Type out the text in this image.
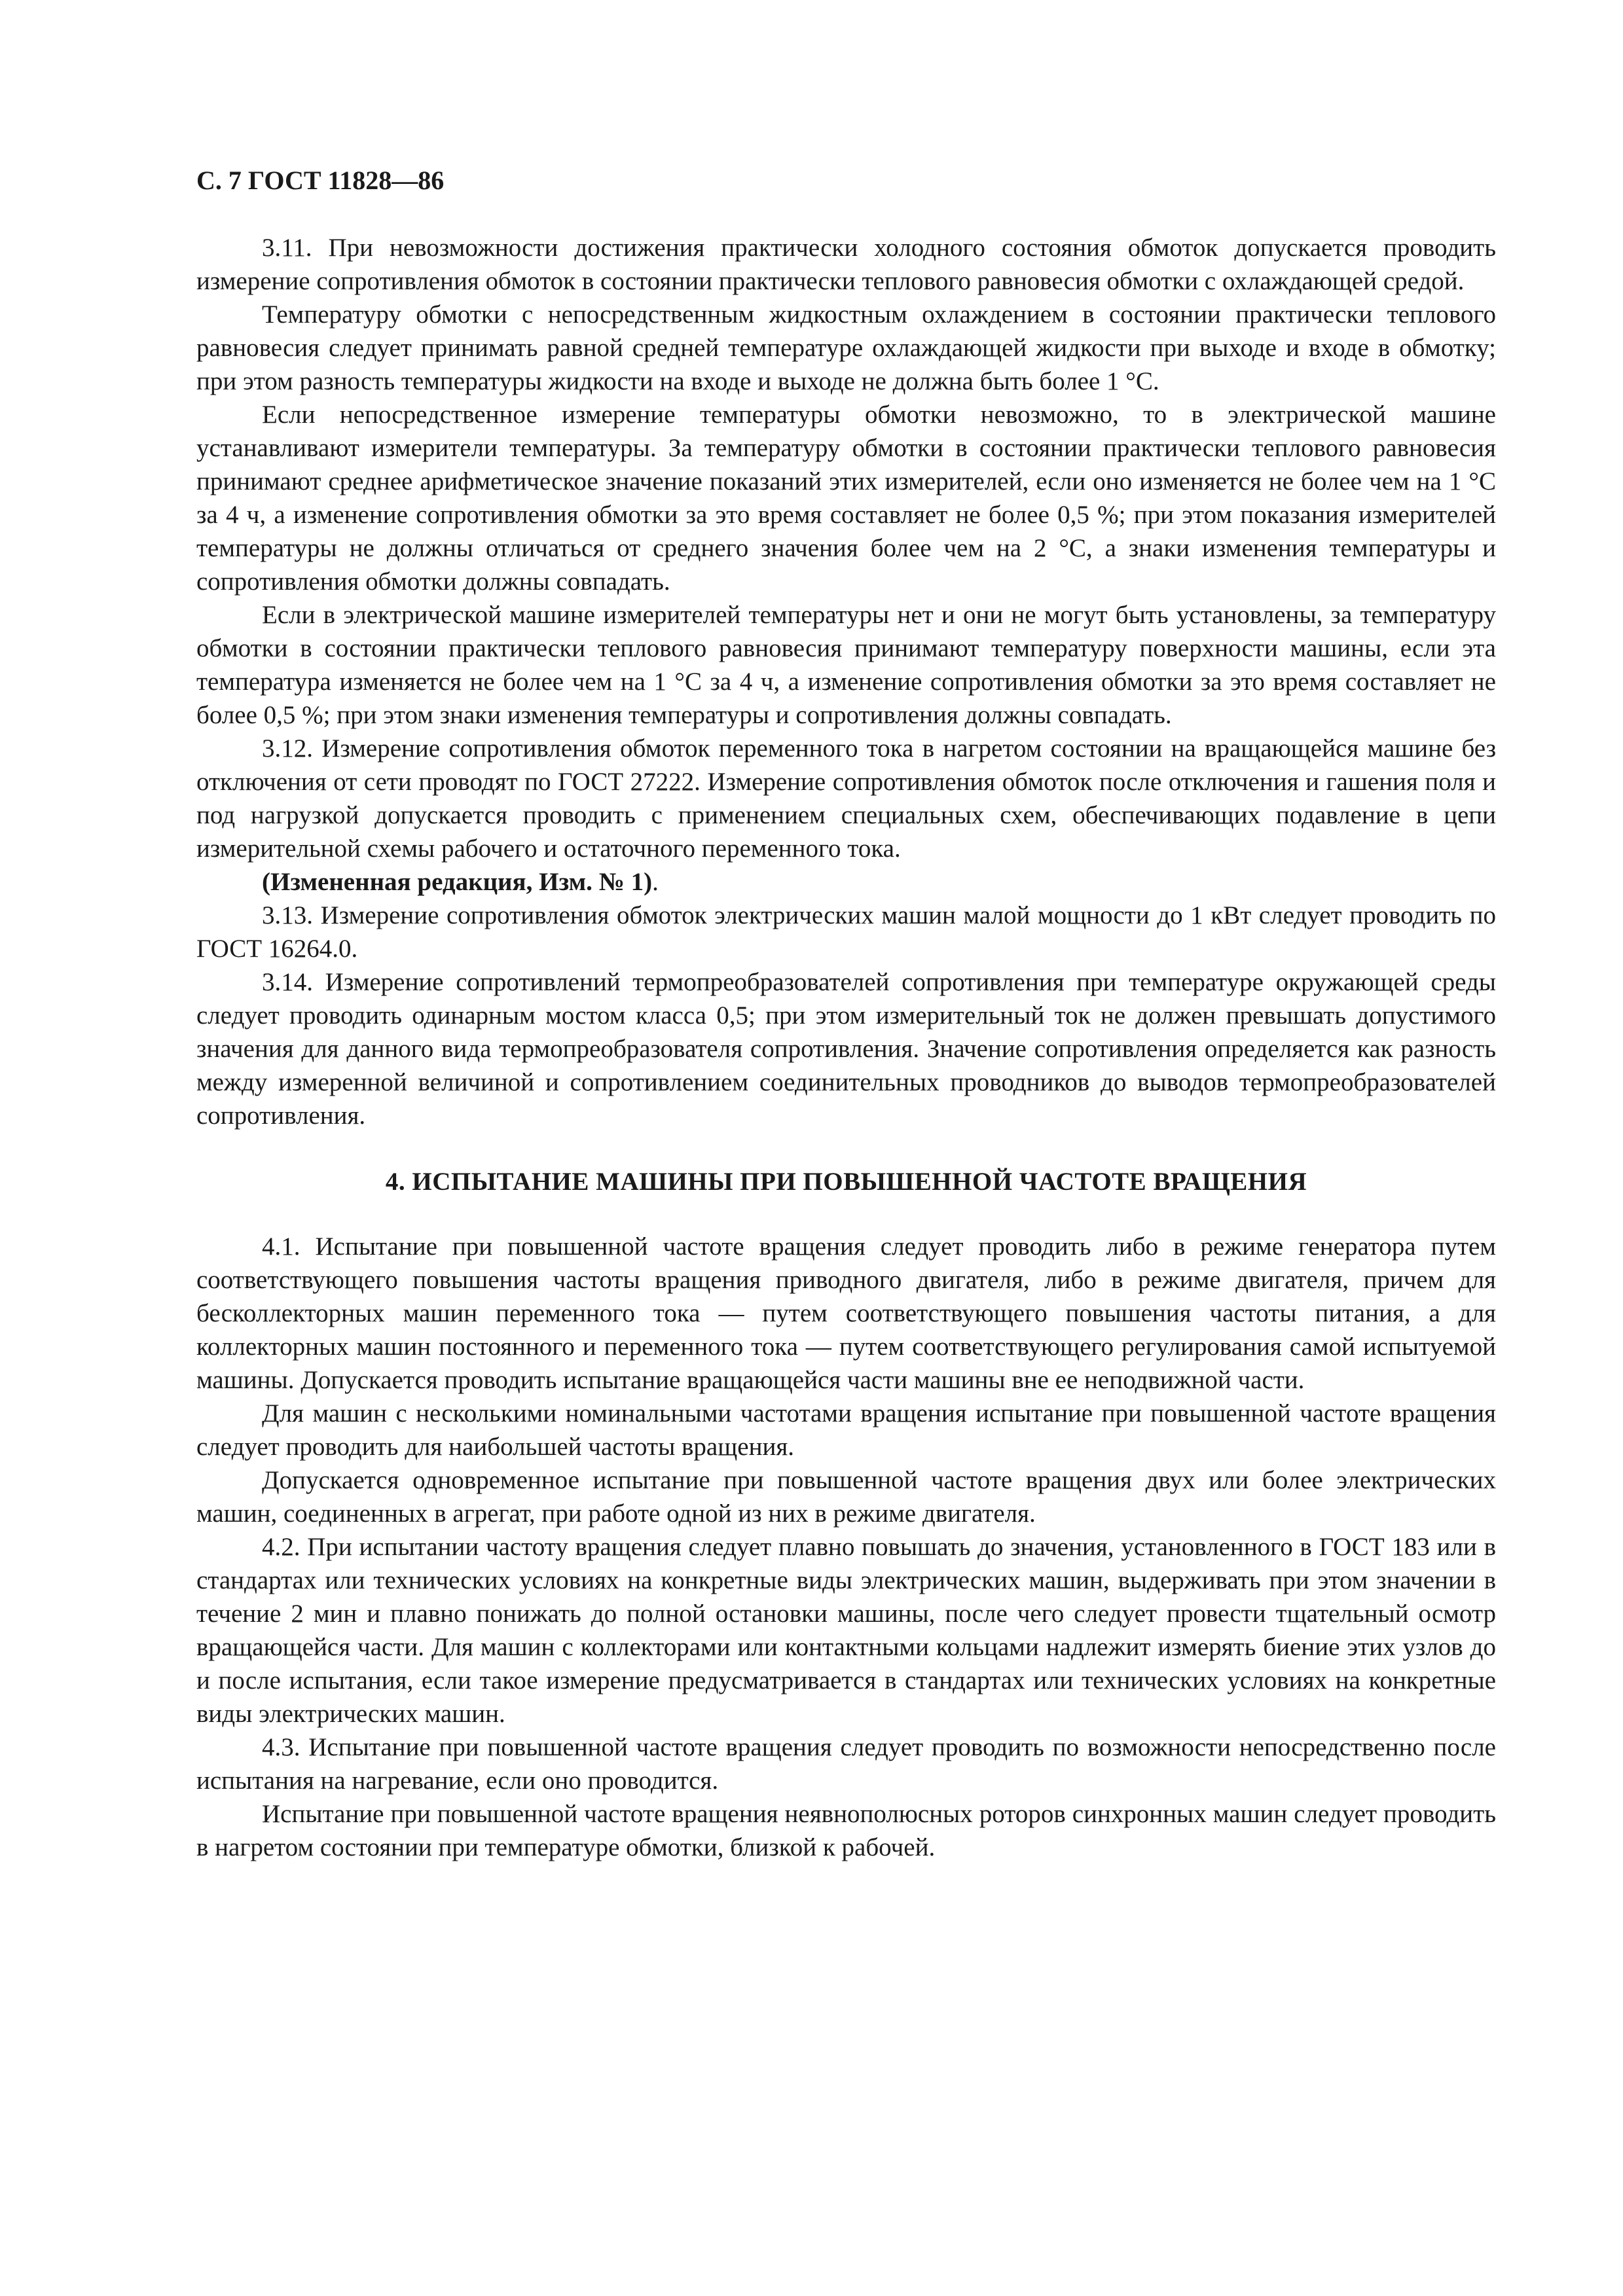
С. 7 ГОСТ 11828—86

3.11. При невозможности достижения практически холодного состояния обмоток допускается проводить измерение сопротивления обмоток в состоянии практически теплового равновесия обмотки с охлаждающей средой.

Температуру обмотки с непосредственным жидкостным охлаждением в состоянии практически теплового равновесия следует принимать равной средней температуре охлаждающей жидкости при выходе и входе в обмотку; при этом разность температуры жидкости на входе и выходе не должна быть более 1 °С.

Если непосредственное измерение температуры обмотки невозможно, то в электрической машине устанавливают измерители температуры. За температуру обмотки в состоянии практически теплового равновесия принимают среднее арифметическое значение показаний этих измерителей, если оно изменяется не более чем на 1 °С за 4 ч, а изменение сопротивления обмотки за это время составляет не более 0,5 %; при этом показания измерителей температуры не должны отличаться от среднего значения более чем на 2 °С, а знаки изменения температуры и сопротивления обмотки должны совпадать.

Если в электрической машине измерителей температуры нет и они не могут быть установлены, за температуру обмотки в состоянии практически теплового равновесия принимают температуру поверхности машины, если эта температура изменяется не более чем на 1 °С за 4 ч, а изменение сопротивления обмотки за это время составляет не более 0,5 %; при этом знаки изменения температуры и сопротивления должны совпадать.

3.12. Измерение сопротивления обмоток переменного тока в нагретом состоянии на вращающейся машине без отключения от сети проводят по ГОСТ 27222. Измерение сопротивления обмоток после отключения и гашения поля и под нагрузкой допускается проводить с применением специальных схем, обеспечивающих подавление в цепи измерительной схемы рабочего и остаточного переменного тока.

(Измененная редакция, Изм. № 1).

3.13. Измерение сопротивления обмоток электрических машин малой мощности до 1 кВт следует проводить по ГОСТ 16264.0.

3.14. Измерение сопротивлений термопреобразователей сопротивления при температуре окружающей среды следует проводить одинарным мостом класса 0,5; при этом измерительный ток не должен превышать допустимого значения для данного вида термопреобразователя сопротивления. Значение сопротивления определяется как разность между измеренной величиной и сопротивлением соединительных проводников до выводов термопреобразователей сопротивления.

4. ИСПЫТАНИЕ МАШИНЫ ПРИ ПОВЫШЕННОЙ ЧАСТОТЕ ВРАЩЕНИЯ

4.1. Испытание при повышенной частоте вращения следует проводить либо в режиме генератора путем соответствующего повышения частоты вращения приводного двигателя, либо в режиме двигателя, причем для бесколлекторных машин переменного тока — путем соответствующего повышения частоты питания, а для коллекторных машин постоянного и переменного тока — путем соответствующего регулирования самой испытуемой машины. Допускается проводить испытание вращающейся части машины вне ее неподвижной части.

Для машин с несколькими номинальными частотами вращения испытание при повышенной частоте вращения следует проводить для наибольшей частоты вращения.

Допускается одновременное испытание при повышенной частоте вращения двух или более электрических машин, соединенных в агрегат, при работе одной из них в режиме двигателя.

4.2. При испытании частоту вращения следует плавно повышать до значения, установленного в ГОСТ 183 или в стандартах или технических условиях на конкретные виды электрических машин, выдерживать при этом значении в течение 2 мин и плавно понижать до полной остановки машины, после чего следует провести тщательный осмотр вращающейся части. Для машин с коллекторами или контактными кольцами надлежит измерять биение этих узлов до и после испытания, если такое измерение предусматривается в стандартах или технических условиях на конкретные виды электрических машин.

4.3. Испытание при повышенной частоте вращения следует проводить по возможности непосредственно после испытания на нагревание, если оно проводится.

Испытание при повышенной частоте вращения неявнополюсных роторов синхронных машин следует проводить в нагретом состоянии при температуре обмотки, близкой к рабочей.
